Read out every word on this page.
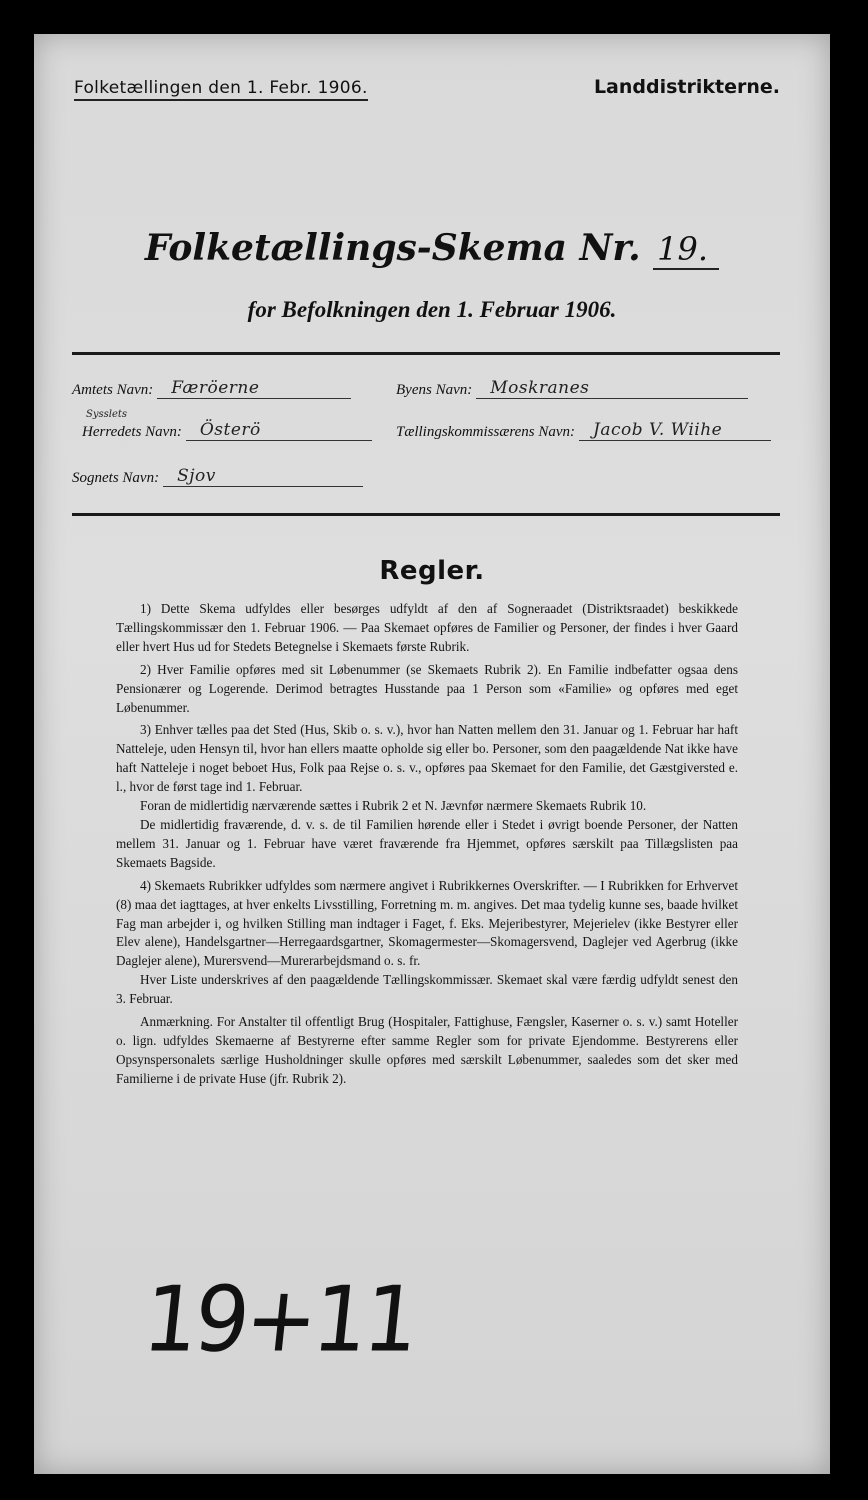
Folketællingen den 1. Febr. 1906.	Landdistrikterne.
Folketællings-Skema Nr. 19.
for Befolkningen den 1. Februar 1906.
Amtets Navn:	Færöerne	Byens Navn:	Moskranes
Sysslets
Herredets Navn:	Österö	Tællingskommissærens Navn:	Jacob V. Wiihe
Sognets Navn:	Sjov
Regler.

1) Dette Skema udfyldes eller besørges udfyldt af den af Sogneraadet (Distriktsraadet) beskikkede Tællingskommissær den 1. Februar 1906. — Paa Skemaet opføres de Familier og Personer, der findes i hver Gaard eller hvert Hus ud for Stedets Betegnelse i Skemaets første Rubrik.

2) Hver Familie opføres med sit Løbenummer (se Skemaets Rubrik 2). En Familie indbefatter ogsaa dens Pensionærer og Logerende. Derimod betragtes Husstande paa 1 Person som «Familie» og opføres med eget Løbenummer.

3) Enhver tælles paa det Sted (Hus, Skib o. s. v.), hvor han Natten mellem den 31. Januar og 1. Februar har haft Natteleje, uden Hensyn til, hvor han ellers maatte opholde sig eller bo. Personer, som den paagældende Nat ikke have haft Natteleje i noget beboet Hus, Folk paa Rejse o. s. v., opføres paa Skemaet for den Familie, det Gæstgiversted e. l., hvor de først tage ind 1. Februar.

Foran de midlertidig nærværende sættes i Rubrik 2 et N. Jævnfør nærmere Skemaets Rubrik 10.

De midlertidig fraværende, d. v. s. de til Familien hørende eller i Stedet i øvrigt boende Personer, der Natten mellem 31. Januar og 1. Februar have været fraværende fra Hjemmet, opføres særskilt paa Tillægslisten paa Skemaets Bagside.

4) Skemaets Rubrikker udfyldes som nærmere angivet i Rubrikkernes Overskrifter. — I Rubrikken for Erhvervet (8) maa det iagttages, at hver enkelts Livsstilling, Forretning m. m. angives. Det maa tydelig kunne ses, baade hvilket Fag man arbejder i, og hvilken Stilling man indtager i Faget, f. Eks. Mejeribestyrer, Mejerielev (ikke Bestyrer eller Elev alene), Handelsgartner—Herregaardsgartner, Skomagermester—Skomagersvend, Daglejer ved Agerbrug (ikke Daglejer alene), Murersvend—Murerarbejdsmand o. s. fr.

Hver Liste underskrives af den paagældende Tællingskommissær. Skemaet skal være færdig udfyldt senest den 3. Februar.

Anmærkning. For Anstalter til offentligt Brug (Hospitaler, Fattighuse, Fængsler, Kaserner o. s. v.) samt Hoteller o. lign. udfyldes Skemaerne af Bestyrerne efter samme Regler som for private Ejendomme. Bestyrerens eller Opsynspersonalets særlige Husholdninger skulle opføres med særskilt Løbenummer, saaledes som det sker med Familierne i de private Huse (jfr. Rubrik 2).

19+11
